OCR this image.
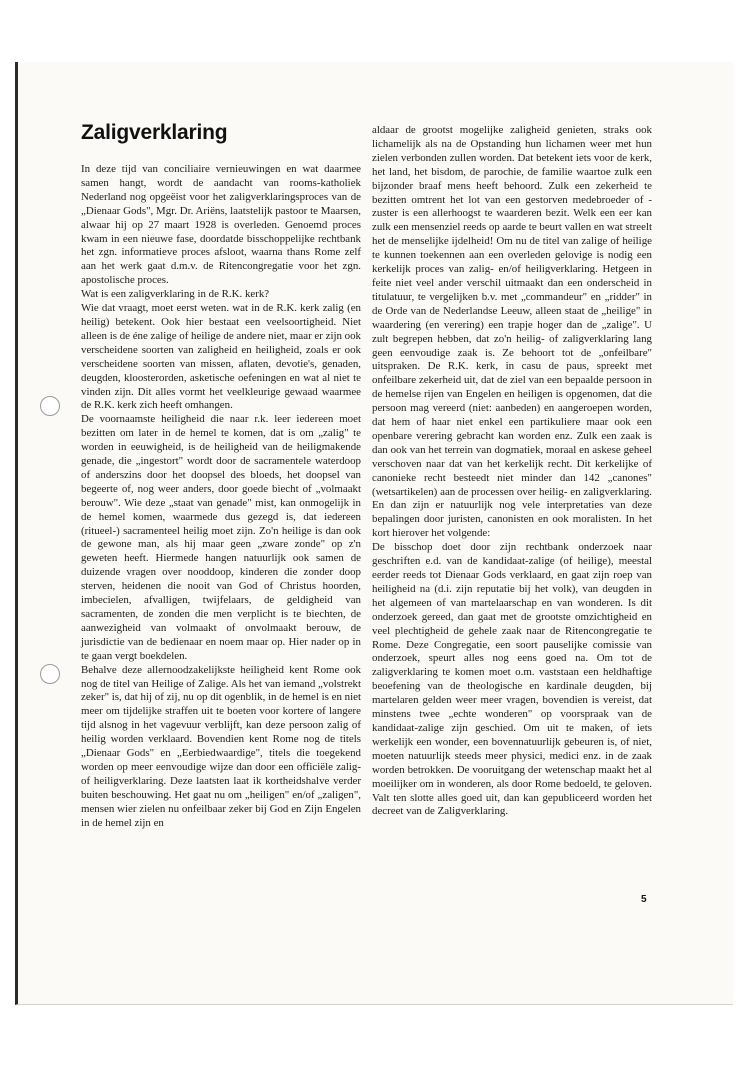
Zaligverklaring

In deze tijd van conciliaire vernieuwingen en wat daarmee samen hangt, wordt de aandacht van rooms-katholiek Nederland nog opgeëist voor het zaligverklaringsproces van de „Dienaar Gods", Mgr. Dr. Ariëns, laatstelijk pastoor te Maarsen, alwaar hij op 27 maart 1928 is overleden. Genoemd proces kwam in een nieuwe fase, doordatde bisschoppelijke rechtbank het zgn. informatieve proces afsloot, waarna thans Rome zelf aan het werk gaat d.m.v. de Ritencongregatie voor het zgn. apostolische proces.

Wat is een zaligverklaring in de R.K. kerk?

Wie dat vraagt, moet eerst weten. wat in de R.K. kerk zalig (en heilig) betekent. Ook hier bestaat een veelsoortigheid. Niet alleen is de éne zalige of heilige de andere niet, maar er zijn ook verscheidene soorten van zaligheid en heiligheid, zoals er ook verscheidene soorten van missen, aflaten, devotie's, genaden, deugden, kloosterorden, asketische oefeningen en wat al niet te vinden zijn. Dit alles vormt het veelkleurige gewaad waarmee de R.K. kerk zich heeft omhangen.

De voornaamste heiligheid die naar r.k. leer iedereen moet bezitten om later in de hemel te komen, dat is om „zalig" te worden in eeuwigheid, is de heiligheid van de heiligmakende genade, die „ingestort" wordt door de sacramentele waterdoop of anderszins door het doopsel des bloeds, het doopsel van begeerte of, nog weer anders, door goede biecht of „volmaakt berouw". Wie deze „staat van genade" mist, kan onmogelijk in de hemel komen, waarmede dus gezegd is, dat iedereen (ritueel-) sacramenteel heilig moet zijn. Zo'n heilige is dan ook de gewone man, als hij maar geen „zware zonde" op z'n geweten heeft. Hiermede hangen natuurlijk ook samen de duizende vragen over nooddoop, kinderen die zonder doop sterven, heidenen die nooit van God of Christus hoorden, imbecielen, afvalligen, twijfelaars, de geldigheid van sacramenten, de zonden die men verplicht is te biechten, de aanwezigheid van volmaakt of onvolmaakt berouw, de jurisdictie van de bedienaar en noem maar op. Hier nader op in te gaan vergt boekdelen.

Behalve deze allernoodzakelijkste heiligheid kent Rome ook nog de titel van Heilige of Zalige. Als het van iemand „volstrekt zeker" is, dat hij of zij, nu op dit ogenblik, in de hemel is en niet meer om tijdelijke straffen uit te boeten voor kortere of langere tijd alsnog in het vagevuur verblijft, kan deze persoon zalig of heilig worden verklaard. Bovendien kent Rome nog de titels „Dienaar Gods" en „Eerbiedwaardige", titels die toegekend worden op meer eenvoudige wijze dan door een officiële zalig- of heiligverklaring. Deze laatsten laat ik kortheidshalve verder buiten beschouwing. Het gaat nu om „heiligen" en/of „zaligen", mensen wier zielen nu onfeilbaar zeker bij God en Zijn Engelen in de hemel zijn en

aldaar de grootst mogelijke zaligheid genieten, straks ook lichamelijk als na de Opstanding hun lichamen weer met hun zielen verbonden zullen worden. Dat betekent iets voor de kerk, het land, het bisdom, de parochie, de familie waartoe zulk een bijzonder braaf mens heeft behoord. Zulk een zekerheid te bezitten omtrent het lot van een gestorven medebroeder of -zuster is een allerhoogst te waarderen bezit. Welk een eer kan zulk een mensenziel reeds op aarde te beurt vallen en wat streelt het de menselijke ijdelheid! Om nu de titel van zalige of heilige te kunnen toekennen aan een overleden gelovige is nodig een kerkelijk proces van zalig- en/of heiligverklaring. Hetgeen in feite niet veel ander verschil uitmaakt dan een onderscheid in titulatuur, te vergelijken b.v. met „commandeur" en „ridder" in de Orde van de Nederlandse Leeuw, alleen staat de „heilige" in waardering (en verering) een trapje hoger dan de „zalige". U zult begrepen hebben, dat zo'n heilig- of zaligverklaring lang geen eenvoudige zaak is. Ze behoort tot de „onfeilbare" uitspraken. De R.K. kerk, in casu de paus, spreekt met onfeilbare zekerheid uit, dat de ziel van een bepaalde persoon in de hemelse rijen van Engelen en heiligen is opgenomen, dat die persoon mag vereerd (niet: aanbeden) en aangeroepen worden, dat hem of haar niet enkel een partikuliere maar ook een openbare verering gebracht kan worden enz. Zulk een zaak is dan ook van het terrein van dogmatiek, moraal en askese geheel verschoven naar dat van het kerkelijk recht. Dit kerkelijke of canonieke recht besteedt niet minder dan 142 „canones" (wetsartikelen) aan de processen over heilig- en zaligverklaring. En dan zijn er natuurlijk nog vele interpretaties van deze bepalingen door juristen, canonisten en ook moralisten. In het kort hierover het volgende:

De bisschop doet door zijn rechtbank onderzoek naar geschriften e.d. van de kandidaat-zalige (of heilige), meestal eerder reeds tot Dienaar Gods verklaard, en gaat zijn roep van heiligheid na (d.i. zijn reputatie bij het volk), van deugden in het algemeen of van martelaarschap en van wonderen. Is dit onderzoek gereed, dan gaat met de grootste omzichtigheid en veel plechtigheid de gehele zaak naar de Ritencongregatie te Rome. Deze Congregatie, een soort pauselijke comissie van onderzoek, speurt alles nog eens goed na. Om tot de zaligverklaring te komen moet o.m. vaststaan een heldhaftige beoefening van de theologische en kardinale deugden, bij martelaren gelden weer meer vragen, bovendien is vereist, dat minstens twee „echte wonderen" op voorspraak van de kandidaat-zalige zijn geschied. Om uit te maken, of iets werkelijk een wonder, een bovennatuurlijk gebeuren is, of niet, moeten natuurlijk steeds meer physici, medici enz. in de zaak worden betrokken. De vooruitgang der wetenschap maakt het al moeilijker om in wonderen, als door Rome bedoeld, te geloven. Valt ten slotte alles goed uit, dan kan gepubliceerd worden het decreet van de Zaligverklaring.

5
